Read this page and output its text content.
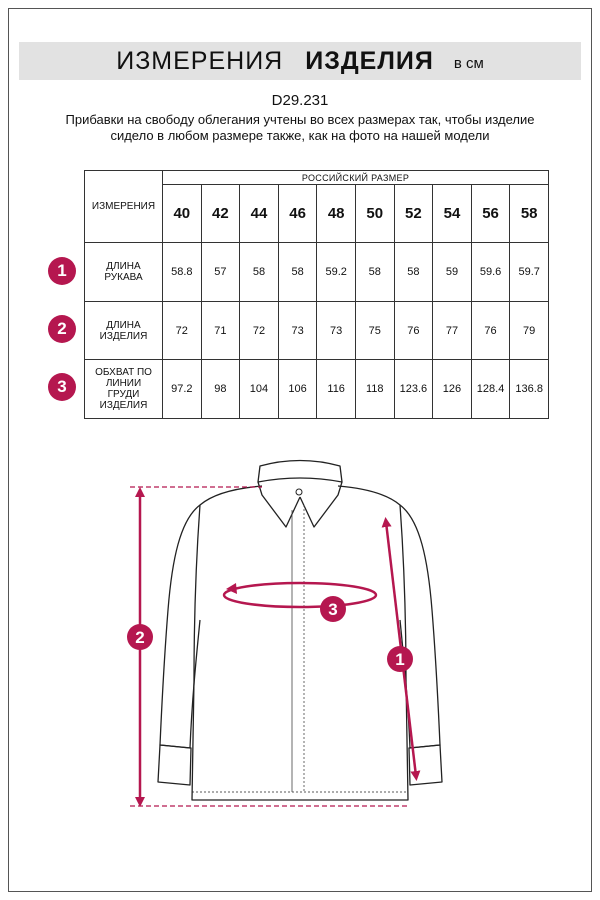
ИЗМЕРЕНИЯ ИЗДЕЛИЯ в см
D29.231
Прибавки на свободу облегания учтены во всех размерах так, чтобы изделие сидело в любом размере также, как на фото на нашей модели
ИЗМЕРЕНИЯ	РОССИЙСКИЙ РАЗМЕР									
	40	42	44	46	48	50	52	54	56	58

ДЛИНА
РУКАВА	58.8	57	58	58	59.2	58	58	59	59.6	59.7

ДЛИНА
ИЗДЕЛИЯ	72	71	72	73	73	75	76	77	76	79

ОБХВАТ ПО
ЛИНИИ
ГРУДИ
ИЗДЕЛИЯ	97.2	98	104	106	116	118	123.6	126	128.4	136.8
1
2
3
2
1
3
